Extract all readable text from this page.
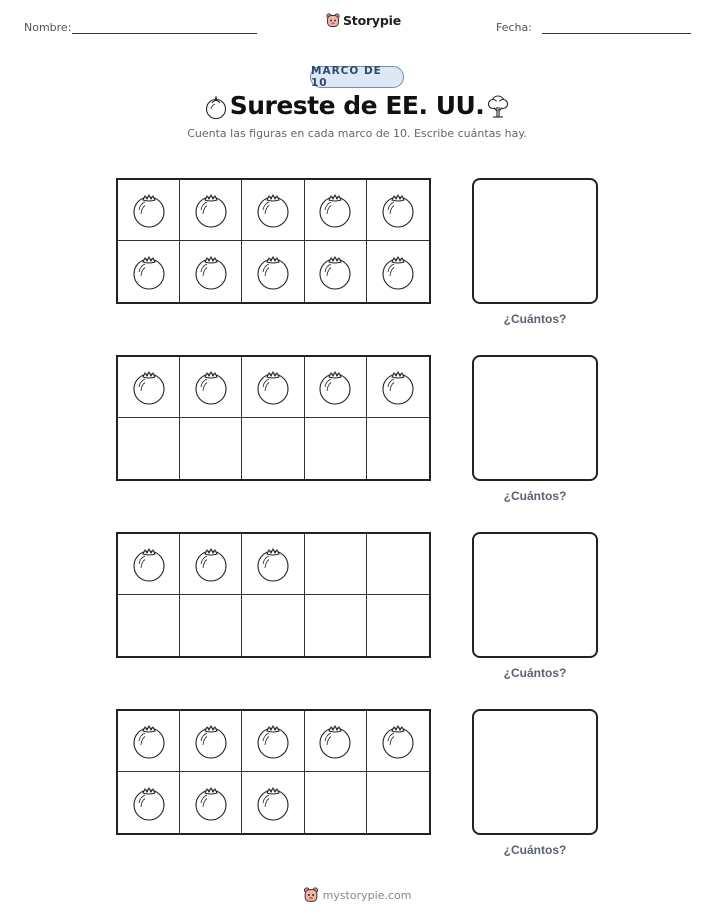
Nombre:	Storypie	Fecha:
MARCO DE 10
Sureste de EE. UU.
Cuenta las figuras en cada marco de 10. Escribe cuántas hay.
¿Cuántos?
¿Cuántos?
¿Cuántos?
¿Cuántos?
mystorypie.com
